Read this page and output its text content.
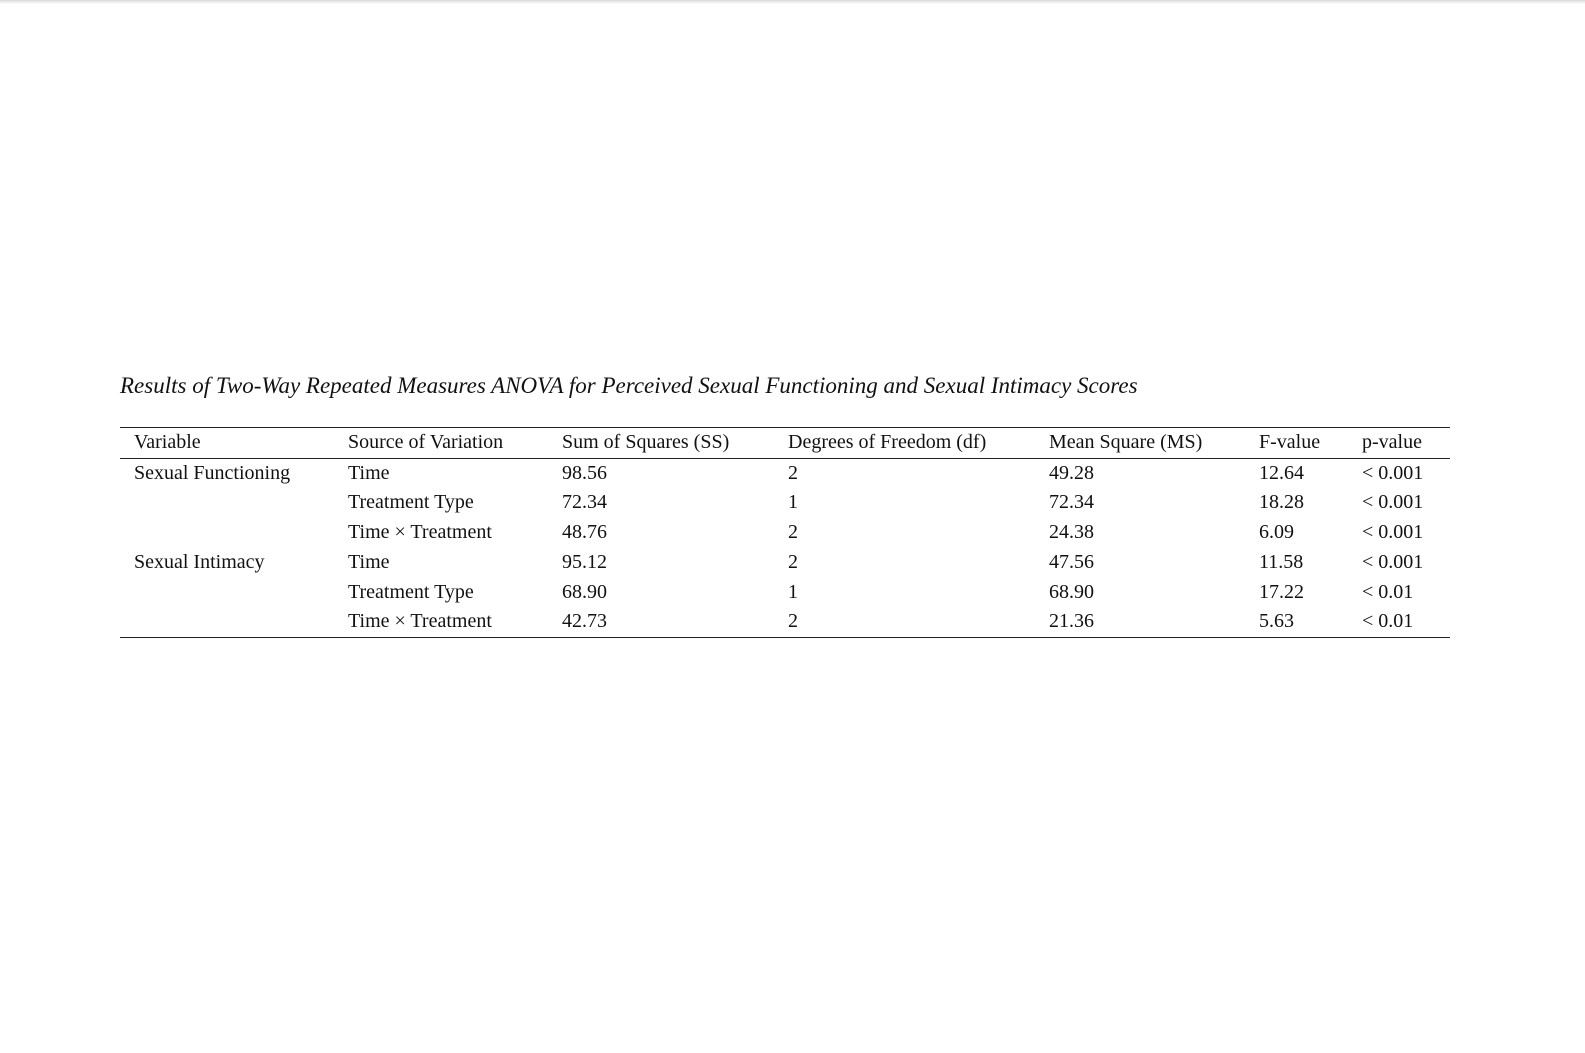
Results of Two-Way Repeated Measures ANOVA for Perceived Sexual Functioning and Sexual Intimacy Scores
Variable	Source of Variation	Sum of Squares (SS)	Degrees of Freedom (df)	Mean Square (MS)	F-value	p-value
Sexual Functioning	Time	98.56	2	49.28	12.64	< 0.001
	Treatment Type	72.34	1	72.34	18.28	< 0.001
	Time × Treatment	48.76	2	24.38	6.09	< 0.001
Sexual Intimacy	Time	95.12	2	47.56	11.58	< 0.001
	Treatment Type	68.90	1	68.90	17.22	< 0.01
	Time × Treatment	42.73	2	21.36	5.63	< 0.01
